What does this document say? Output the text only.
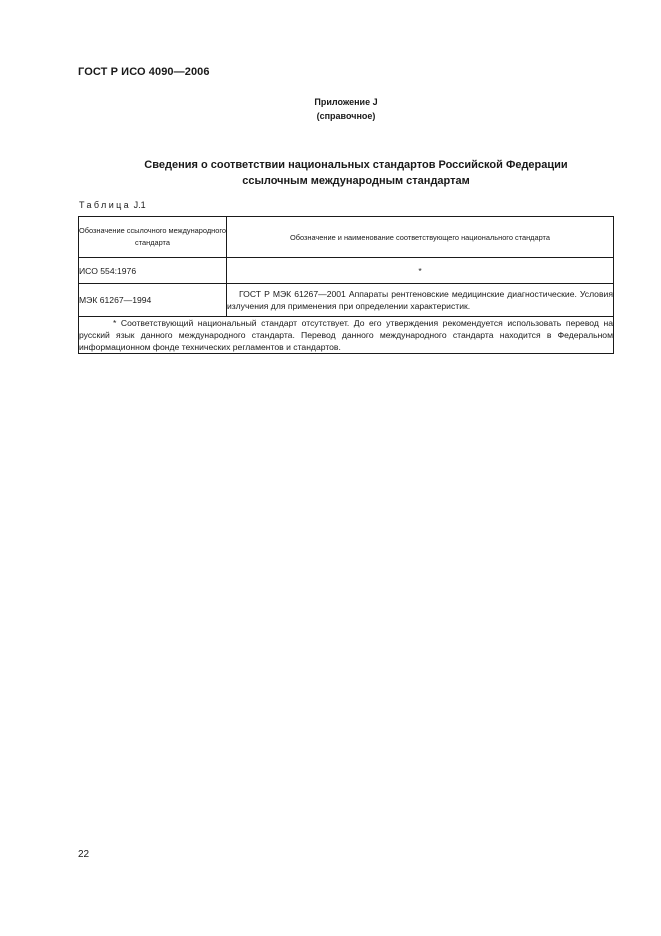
ГОСТ Р ИСО 4090—2006
Приложение J
(справочное)
Сведения о соответствии национальных стандартов Российской Федерации
ссылочным международным стандартам
Таблица J.1
Обозначение ссылочного международного стандарта	Обозначение и наименование соответствующего национального стандарта
ИСО 554:1976	*
МЭК 61267—1994	ГОСТ Р МЭК 61267—2001 Аппараты рентгеновские медицинские диагностические. Условия излучения для применения при определении характеристик.
* Соответствующий национальный стандарт отсутствует. До его утверждения рекомендуется использовать перевод на русский язык данного международного стандарта. Перевод данного международного стандарта находится в Федеральном информационном фонде технических регламентов и стандартов.	
22
